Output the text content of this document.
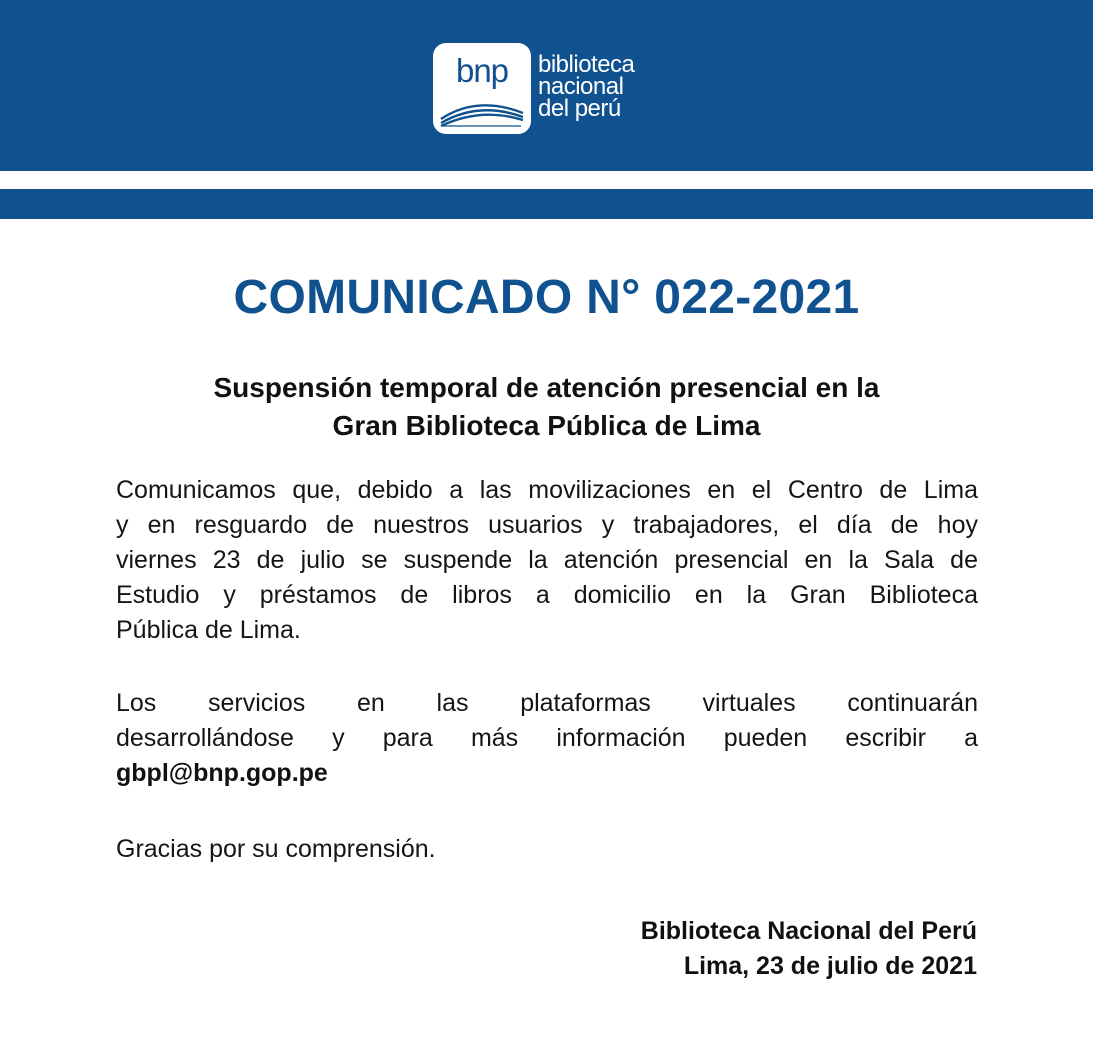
bnp	biblioteca
nacional
del perú
COMUNICADO N° 022-2021
Suspensión temporal de atención presencial en la
Gran Biblioteca Pública de Lima
Comunicamos que, debido a las movilizaciones en el Centro de Lima
y en resguardo de nuestros usuarios y trabajadores, el día de hoy
viernes 23 de julio se suspende la atención presencial en la Sala de
Estudio y préstamos de libros a domicilio en la Gran Biblioteca
Pública de Lima.
Los servicios en las plataformas virtuales continuarán
desarrollándose y para más información pueden escribir a
gbpl@bnp.gop.pe
Gracias por su comprensión.
Biblioteca Nacional del Perú
Lima, 23 de julio de 2021
